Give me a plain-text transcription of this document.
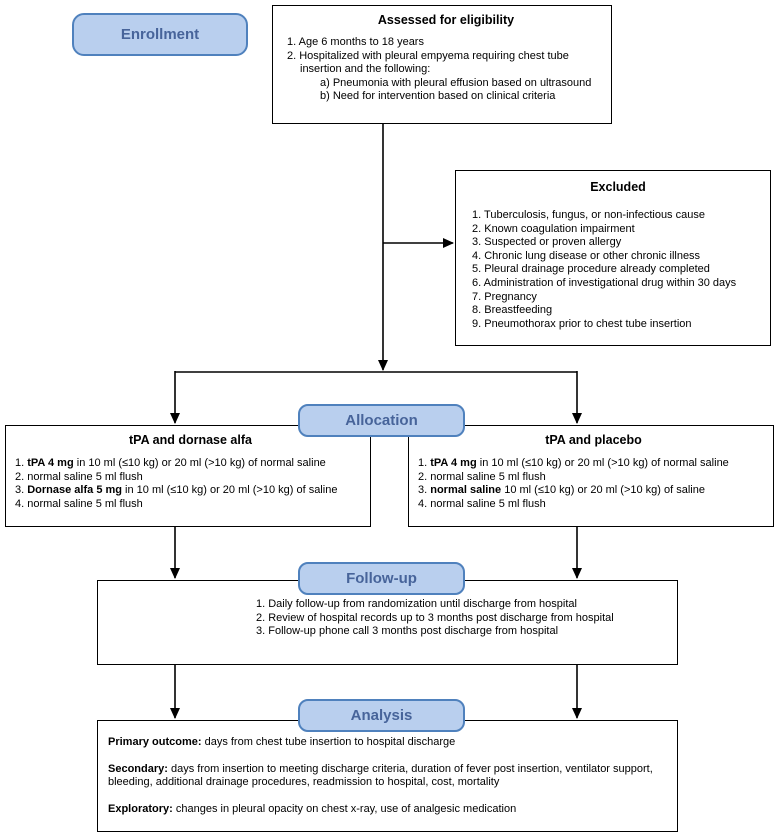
Assessed for eligibility
1. Age 6 months to 18 years
2. Hospitalized with pleural empyema requiring chest tube insertion and the following:
a) Pneumonia with pleural effusion based on ultrasound
b) Need for intervention based on clinical criteria
Excluded
1. Tuberculosis, fungus, or non-infectious cause
2. Known coagulation impairment
3. Suspected or proven allergy
4. Chronic lung disease or other chronic illness
5. Pleural drainage procedure already completed
6. Administration of investigational drug within 30 days
7. Pregnancy
8. Breastfeeding
9. Pneumothorax prior to chest tube insertion
tPA and dornase alfa
1. tPA 4 mg in 10 ml (≤10 kg) or 20 ml (>10 kg) of normal saline
2. normal saline 5 ml flush
3. Dornase alfa 5 mg in 10 ml (≤10 kg) or 20 ml (>10 kg) of saline
4. normal saline 5 ml flush
tPA and placebo
1. tPA 4 mg in 10 ml (≤10 kg) or 20 ml (>10 kg) of normal saline
2. normal saline 5 ml flush
3. normal saline 10 ml (≤10 kg) or 20 ml (>10 kg) of saline
4. normal saline 5 ml flush
1. Daily follow-up from randomization until discharge from hospital
2. Review of hospital records up to 3 months post discharge from hospital
3. Follow-up phone call 3 months post discharge from hospital
Primary outcome: days from chest tube insertion to hospital discharge
Secondary: days from insertion to meeting discharge criteria, duration of fever post insertion, ventilator support, bleeding, additional drainage procedures, readmission to hospital, cost, mortality
Exploratory: changes in pleural opacity on chest x-ray, use of analgesic medication
Enrollment
Allocation
Follow-up
Analysis
